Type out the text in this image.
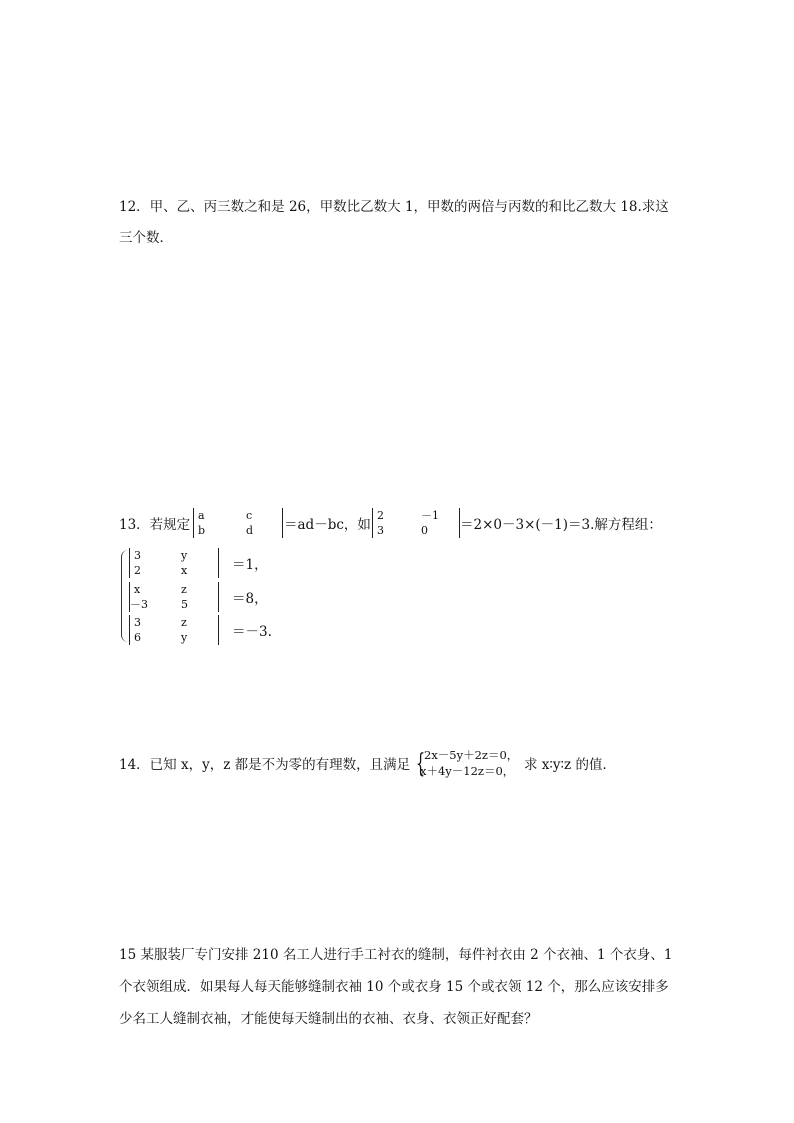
12．甲、乙、丙三数之和是 26，甲数比乙数大 1，甲数的两倍与丙数的和比乙数大 18.求这
三个数．
13．若规定
a	c
b	d ＝ad－bc，如
2	－1
3	0 ＝2×0－3×(－1)＝3.解方程组：
3	y
2	x	＝1，
x	z
－3	5	＝8，
3	z
6	y	＝－3.
14．已知 x，y，z 都是不为零的有理数，且满足 {
2x－5y＋2z＝0，
x＋4y－12z＝0， 求 x∶y∶z 的值．
15 某服装厂专门安排 210 名工人进行手工衬衣的缝制，每件衬衣由 2 个衣袖、1 个衣身、1
个衣领组成．如果每人每天能够缝制衣袖 10 个或衣身 15 个或衣领 12 个，那么应该安排多
少名工人缝制衣袖，才能使每天缝制出的衣袖、衣身、衣领正好配套？
